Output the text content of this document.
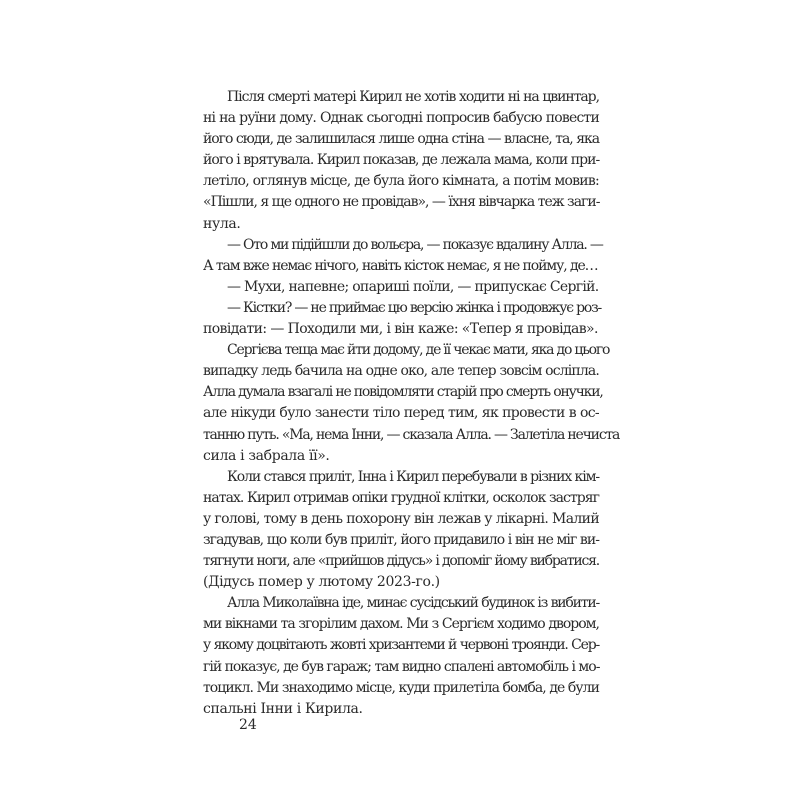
Після смерті матері Кирил не хотів ходити ні на цвинтар,
ні на руїни дому. Однак сьогодні попросив бабусю повести
його сюди, де залишилася лише одна стіна — власне, та, яка
його і врятувала. Кирил показав, де лежала мама, коли при-
летіло, оглянув місце, де була його кімната, а потім мовив:
«Пішли, я ще одного не провідав», — їхня вівчарка теж заги-
нула.
— Ото ми підійшли до вольєра, — показує вдалину Алла. —
А там вже немає нічого, навіть кісток немає, я не пойму, де…
— Мухи, напевне; опариші поїли, — припускає Сергій.
— Кістки? — не приймає цю версію жінка і продовжує роз-
повідати: — Походили ми, і він каже: «Тепер я провідав».
Сергієва теща має йти додому, де її чекає мати, яка до цього
випадку ледь бачила на одне око, але тепер зовсім осліпла.
Алла думала взагалі не повідомляти старій про смерть онучки,
але нікуди було занести тіло перед тим, як провести в ос-
танню путь. «Ма, нема Інни, — сказала Алла. — Залетіла нечиста
сила і забрала її».
Коли стався приліт, Інна і Кирил перебували в різних кім-
натах. Кирил отримав опіки грудної клітки, осколок застряг
у голові, тому в день похорону він лежав у лікарні. Малий
згадував, що коли був приліт, його придавило і він не міг ви-
тягнути ноги, але «прийшов дідусь» і допоміг йому вибратися.
(Дідусь помер у лютому 2023-го.)
Алла Миколаївна іде, минає сусідський будинок із вибити-
ми вікнами та згорілим дахом. Ми з Сергієм ходимо двором,
у якому доцвітають жовті хризантеми й червоні троянди. Сер-
гій показує, де був гараж; там видно спалені автомобіль і мо-
тоцикл. Ми знаходимо місце, куди прилетіла бомба, де були
спальні Інни і Кирила.
24
